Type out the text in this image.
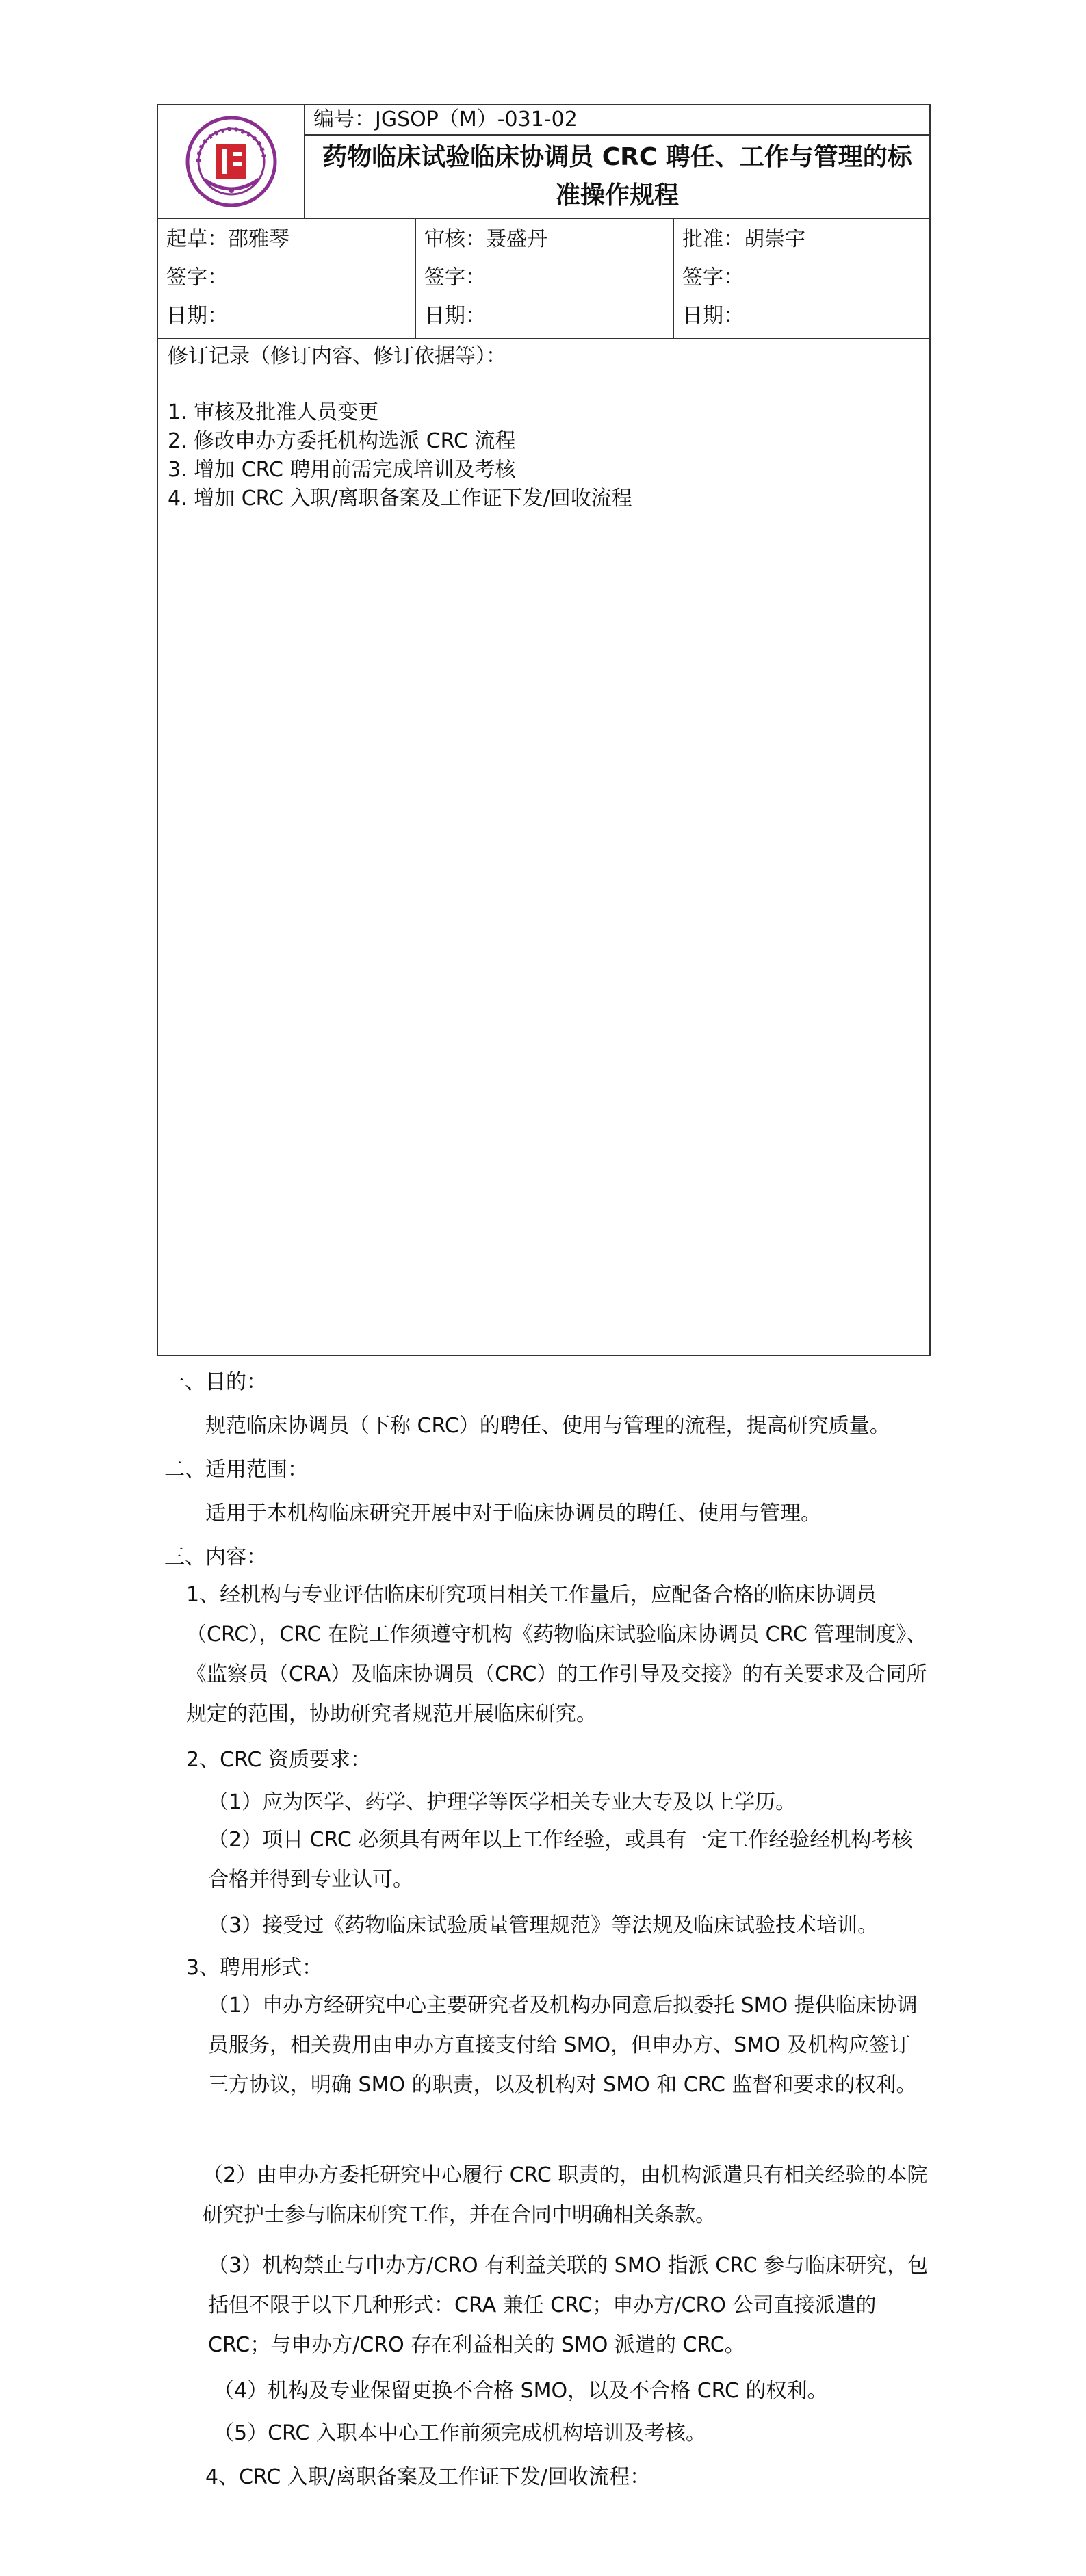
编号：JGSOP（M）-031-02
药物临床试验临床协调员 CRC 聘任、工作与管理的标准操作规程
起草：邵雅琴
签字：
日期：
审核：聂盛丹
签字：
日期：
批准：胡崇宇
签字：
日期：
修订记录（修订内容、修订依据等）：
1. 审核及批准人员变更
2. 修改申办方委托机构选派 CRC 流程
3. 增加 CRC 聘用前需完成培训及考核
4. 增加 CRC 入职/离职备案及工作证下发/回收流程
一、目的：
规范临床协调员（下称 CRC）的聘任、使用与管理的流程，提高研究质量。
二、适用范围：
适用于本机构临床研究开展中对于临床协调员的聘任、使用与管理。
三、内容：
1、经机构与专业评估临床研究项目相关工作量后，应配备合格的临床协调员（CRC），CRC 在院工作须遵守机构《药物临床试验临床协调员 CRC 管理制度》、《监察员（CRA）及临床协调员（CRC）的工作引导及交接》的有关要求及合同所规定的范围，协助研究者规范开展临床研究。
2、CRC 资质要求：
（1）应为医学、药学、护理学等医学相关专业大专及以上学历。
（2）项目 CRC 必须具有两年以上工作经验，或具有一定工作经验经机构考核合格并得到专业认可。
（3）接受过《药物临床试验质量管理规范》等法规及临床试验技术培训。
3、聘用形式：
（1）申办方经研究中心主要研究者及机构办同意后拟委托 SMO 提供临床协调员服务，相关费用由申办方直接支付给 SMO，但申办方、SMO 及机构应签订三方协议，明确 SMO 的职责，以及机构对 SMO 和 CRC 监督和要求的权利。
（2）由申办方委托研究中心履行 CRC 职责的，由机构派遣具有相关经验的本院研究护士参与临床研究工作，并在合同中明确相关条款。
（3）机构禁止与申办方/CRO 有利益关联的 SMO 指派 CRC 参与临床研究，包括但不限于以下几种形式：CRA 兼任 CRC；申办方/CRO 公司直接派遣的 CRC；与申办方/CRO 存在利益相关的 SMO 派遣的 CRC。
（4）机构及专业保留更换不合格 SMO，以及不合格 CRC 的权利。
（5）CRC 入职本中心工作前须完成机构培训及考核。
4、CRC 入职/离职备案及工作证下发/回收流程：
